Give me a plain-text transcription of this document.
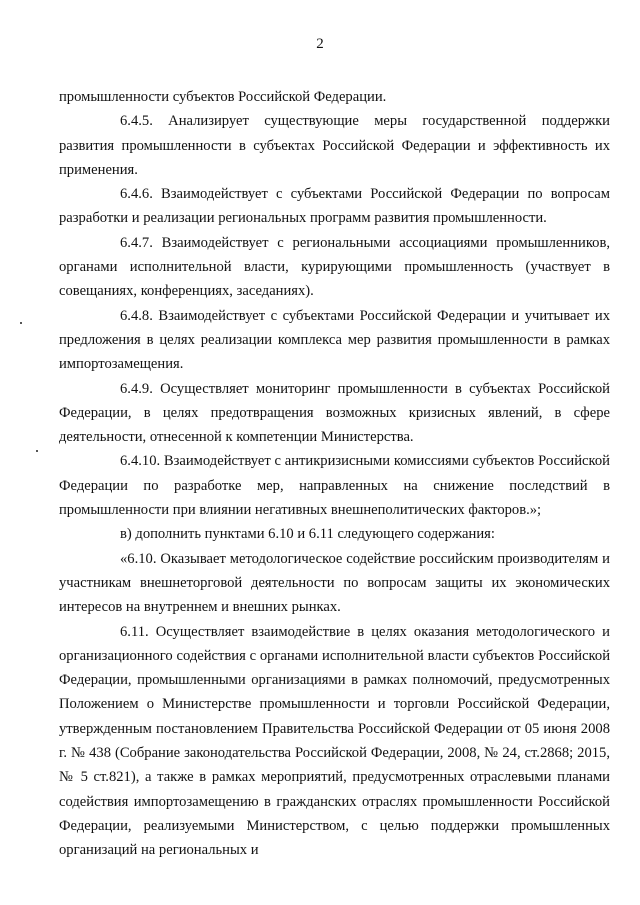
2

промышленности субъектов Российской Федерации.

6.4.5. Анализирует существующие меры государственной поддержки развития промышленности в субъектах Российской Федерации и эффективность их применения.

6.4.6. Взаимодействует с субъектами Российской Федерации по вопросам разработки и реализации региональных программ развития промышленности.

6.4.7. Взаимодействует с региональными ассоциациями промышленников, органами исполнительной власти, курирующими промышленность (участвует в совещаниях, конференциях, заседаниях).

6.4.8. Взаимодействует с субъектами Российской Федерации и учитывает их предложения в целях реализации комплекса мер развития промышленности в рамках импортозамещения.

6.4.9. Осуществляет мониторинг промышленности в субъектах Российской Федерации, в целях предотвращения возможных кризисных явлений, в сфере деятельности, отнесенной к компетенции Министерства.

6.4.10. Взаимодействует с антикризисными комиссиями субъектов Российской Федерации по разработке мер, направленных на снижение последствий в промышленности при влиянии негативных внешнеполитических факторов.»;

в) дополнить пунктами 6.10 и 6.11 следующего содержания:

«6.10. Оказывает методологическое содействие российским производителям и участникам внешнеторговой деятельности по вопросам защиты их экономических интересов на внутреннем и внешних рынках.

6.11. Осуществляет взаимодействие в целях оказания методологического и организационного содействия с органами исполнительной власти субъектов Российской Федерации, промышленными организациями в рамках полномочий, предусмотренных Положением о Министерстве промышленности и торговли Российской Федерации, утвержденным постановлением Правительства Российской Федерации от 05 июня 2008 г. № 438 (Собрание законодательства Российской Федерации, 2008, № 24, ст.2868; 2015, № 5 ст.821), а также в рамках мероприятий, предусмотренных отраслевыми планами содействия импортозамещению в гражданских отраслях промышленности Российской Федерации, реализуемыми Министерством, с целью поддержки промышленных организаций на региональных и
